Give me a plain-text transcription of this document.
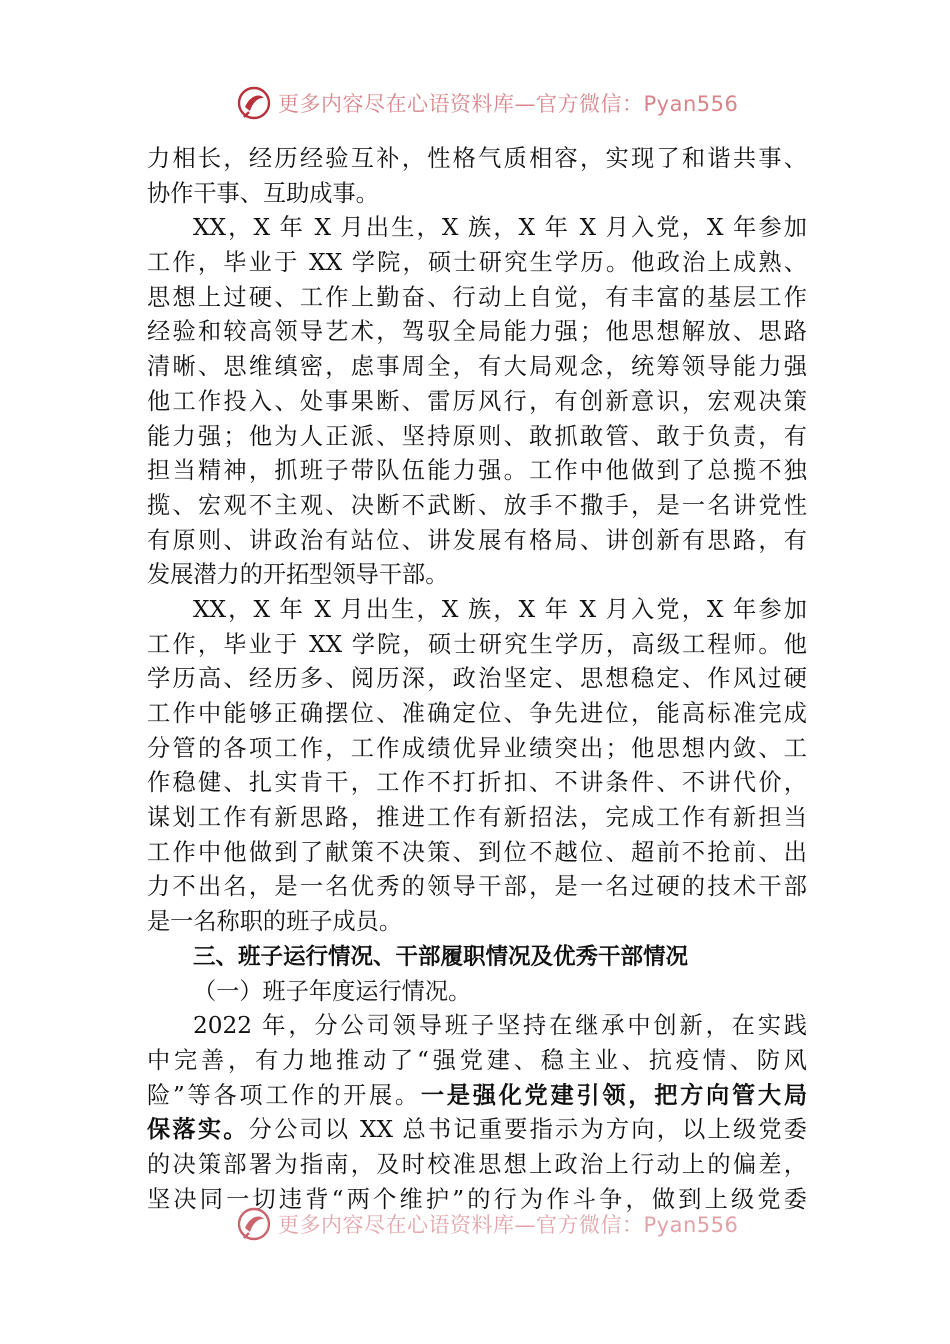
更多内容尽在心语资料库—官方微信：Pyan556
力相长，经历经验互补，性格气质相容，实现了和谐共事、
协作干事、互助成事。
XX，X 年 X 月出生，X 族，X 年 X 月入党，X 年参加
工作，毕业于 XX 学院，硕士研究生学历。他政治上成熟、
思想上过硬、工作上勤奋、行动上自觉，有丰富的基层工作
经验和较高领导艺术，驾驭全局能力强；他思想解放、思路
清晰、思维缜密，虑事周全，有大局观念，统筹领导能力强
他工作投入、处事果断、雷厉风行，有创新意识，宏观决策
能力强；他为人正派、坚持原则、敢抓敢管、敢于负责，有
担当精神，抓班子带队伍能力强。工作中他做到了总揽不独
揽、宏观不主观、决断不武断、放手不撒手，是一名讲党性
有原则、讲政治有站位、讲发展有格局、讲创新有思路，有
发展潜力的开拓型领导干部。
XX，X 年 X 月出生，X 族，X 年 X 月入党，X 年参加
工作，毕业于 XX 学院，硕士研究生学历，高级工程师。他
学历高、经历多、阅历深，政治坚定、思想稳定、作风过硬
工作中能够正确摆位、准确定位、争先进位，能高标准完成
分管的各项工作，工作成绩优异业绩突出；他思想内敛、工
作稳健、扎实肯干，工作不打折扣、不讲条件、不讲代价，
谋划工作有新思路，推进工作有新招法，完成工作有新担当
工作中他做到了献策不决策、到位不越位、超前不抢前、出
力不出名，是一名优秀的领导干部，是一名过硬的技术干部
是一名称职的班子成员。
三、班子运行情况、干部履职情况及优秀干部情况
（一）班子年度运行情况。
2022 年，分公司领导班子坚持在继承中创新，在实践
中完善，有力地推动了“强党建、稳主业、抗疫情、防风
险”等各项工作的开展。一是强化党建引领，把方向管大局
保落实。分公司以 XX 总书记重要指示为方向，以上级党委
的决策部署为指南，及时校准思想上政治上行动上的偏差，
坚决同一切违背“两个维护”的行为作斗争，做到上级党委
更多内容尽在心语资料库—官方微信：Pyan556
